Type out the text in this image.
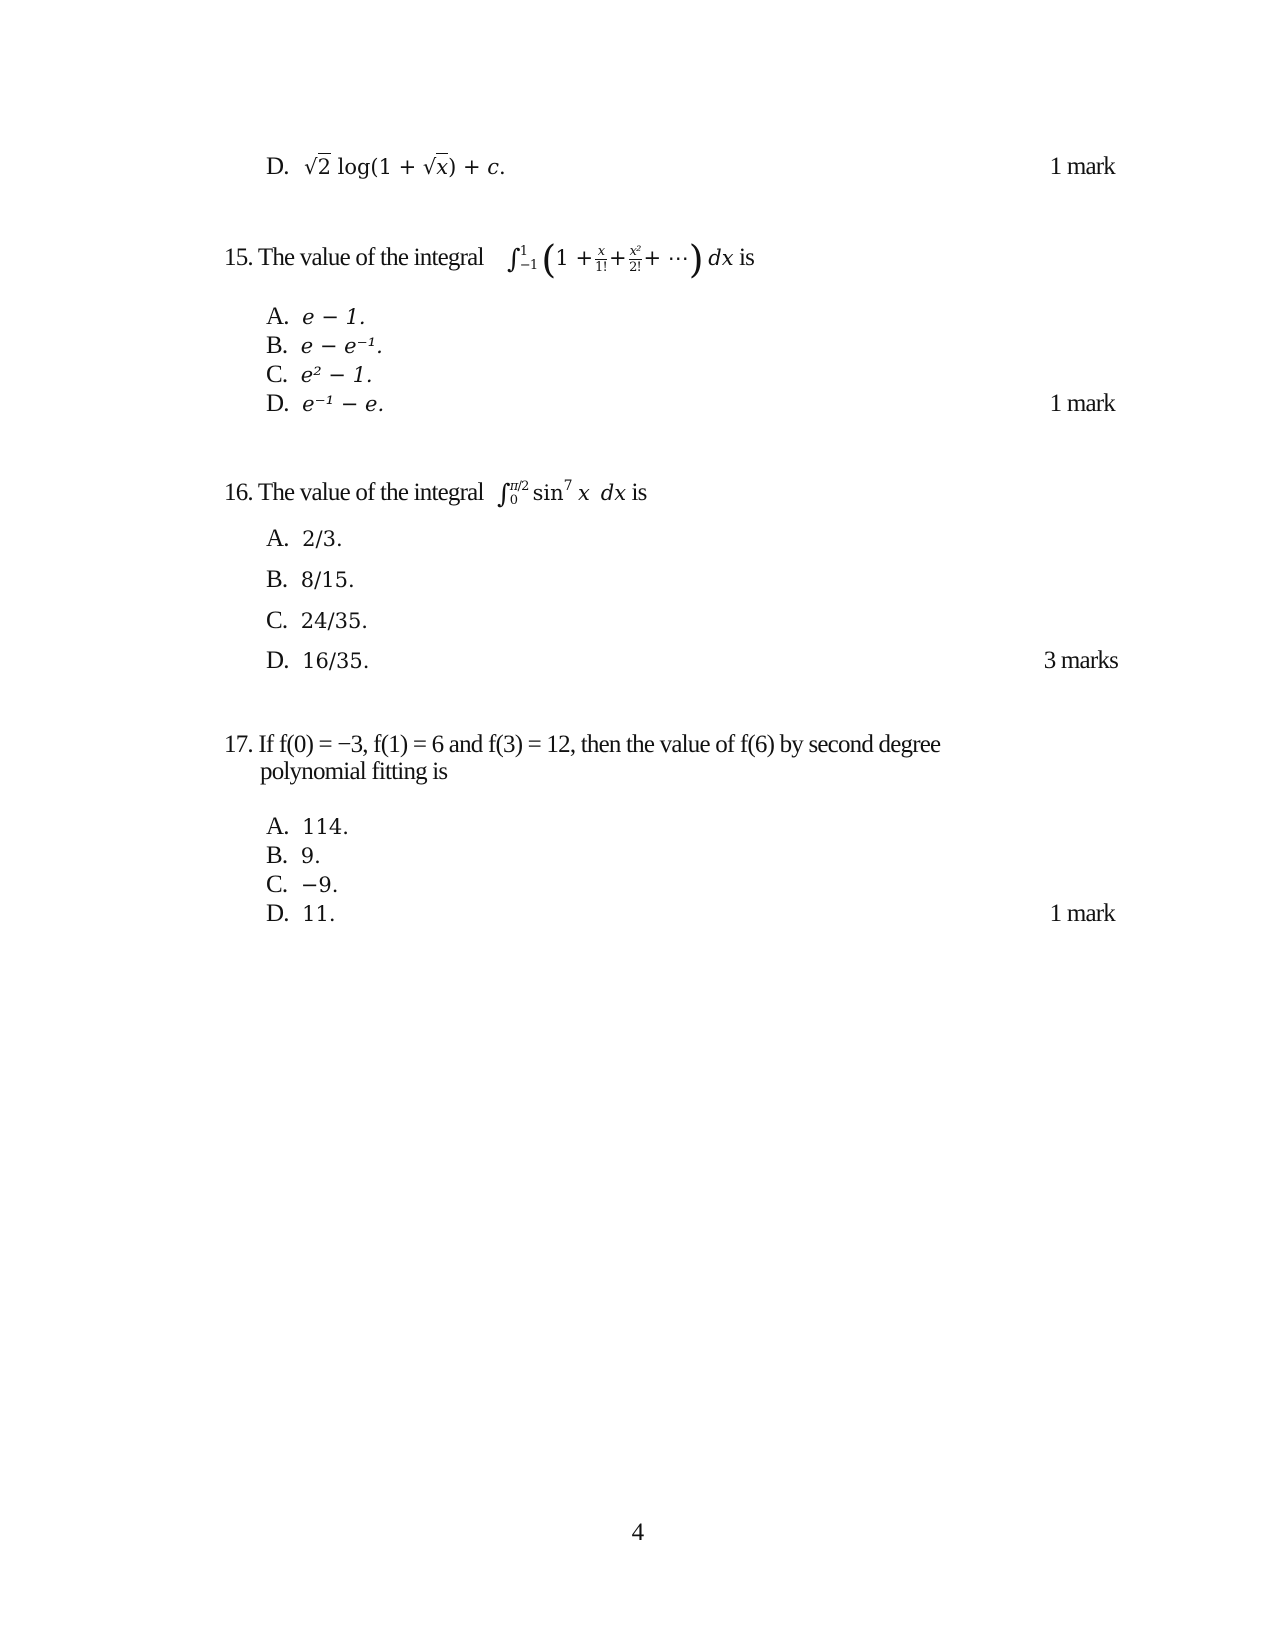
D. √2 log(1 + √x) + c.	1 mark
15. The value of the integral ∫ 1
−1 ($1 + \frac{x}{1!} + \frac{\text{x²}}{2!}$ + ⋯) dx is
A. e − 1.
B. e − e⁻¹.
C. e² − 1.
D. e⁻¹ − e.	1 mark
16. The value of the integral ∫ π/2
0 $\sin^7 x$ dx is
A. 2/3.
B. 8/15.
C. 24/35.
D. 16/35.	3 marks
17. If f(0) = −3, f(1) = 6 and f(3) = 12, then the value of f(6) by second degree
polynomial fitting is
A. 114.
B. 9.
C. −9.
D. 11.	1 mark
4
